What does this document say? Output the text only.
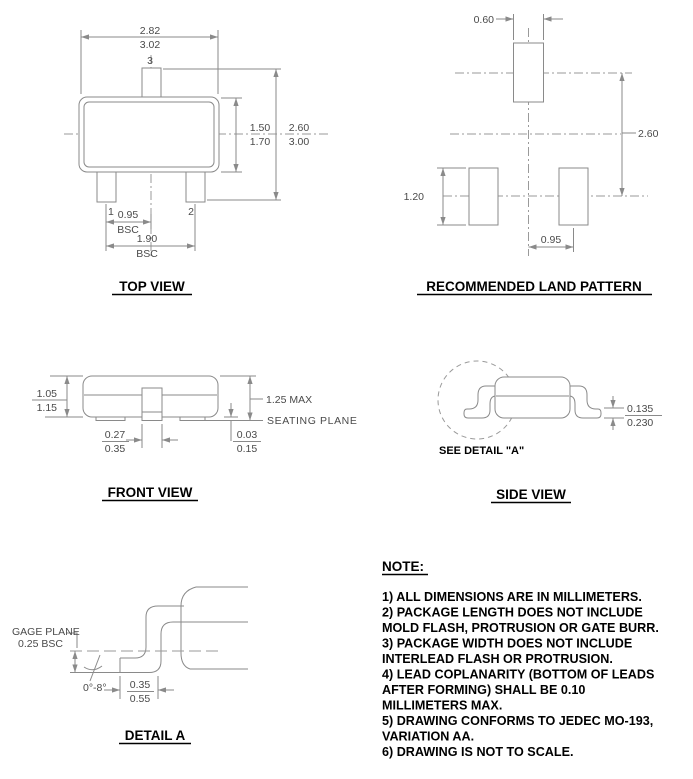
2.82
3.02
3
1	2
1.50
1.70
2.60
3.00
0.95
BSC
1.90
BSC
TOP VIEW
0.60
2.60
1.20
0.95
RECOMMENDED LAND PATTERN
1.05
1.15
1.25 MAX
SEATING PLANE
0.03
0.15
0.27
0.35
FRONT VIEW
0.135
0.230
SEE DETAIL "A"
SIDE VIEW
GAGE PLANE
0.25 BSC
0°-8° 0.35
0.55
DETAIL A
NOTE:
1) ALL DIMENSIONS ARE IN MILLIMETERS.
2) PACKAGE LENGTH DOES NOT INCLUDE
MOLD FLASH, PROTRUSION OR GATE BURR.
3) PACKAGE WIDTH DOES NOT INCLUDE
INTERLEAD FLASH OR PROTRUSION.
4) LEAD COPLANARITY (BOTTOM OF LEADS
AFTER FORMING) SHALL BE 0.10
MILLIMETERS MAX.
5) DRAWING CONFORMS TO JEDEC MO-193,
VARIATION AA.
6) DRAWING IS NOT TO SCALE.
